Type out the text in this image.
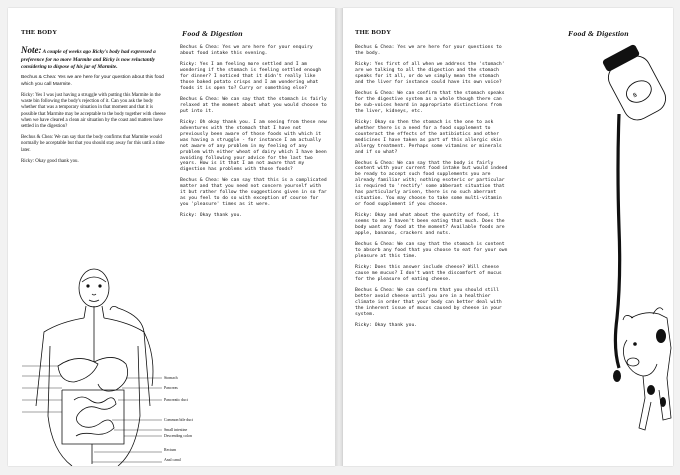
THE BODY	Food & Digestion

Note: A couple of weeks ago Ricky's body had expressed a preference for no more Marmite and Ricky is now reluctantly considering to dispose of his jar of Marmite.

Bechus & Chea: Yes we are here for your question about this food which you call Marmite.

Ricky: Yes I was just having a struggle with putting this Marmite in the waste bin following the body's rejection of it. Can you ask the body whether that was a temporary situation in that moment and that it is possible that Marmite may be acceptable to the body together with cheese when we have cleared a clean air situation by the coast and matters have settled in the digestion?

Bechus & Chea: We can say that the body confirms that Marmite would normally be acceptable but that you should stay away for this until a time later.

Ricky: Okay good thank you.

Bechus & Chea: Yes we are here for your enquiry about food intake this evening.

Ricky: Yes I am feeling more settled and I am wondering if the stomach is feeling settled enough for dinner? I noticed that it didn't really like those baked potato crisps and I am wondering what foods it is open to? Curry or something else?

Bechus & Chea: We can say that the stomach is fairly relaxed at the moment about what you would choose to put into it.

Ricky: Oh okay thank you. I am seeing from these new adventures with the stomach that I have not previously been aware of those foods with which it was having a struggle - for instance I am actually not aware of any problem in my feeling of any problem with either wheat of dairy which I have been avoiding following your advice for the last two years. How is it that I am not aware that my digestion has problems with those foods?

Bechus & Chea: We can say that this is a complicated matter and that you need not concern yourself with it but rather follow the suggestions given in so far as you feel to do so with exception of course for you 'pleasure' times as it were.

Ricky: Okay thank you.

Stomach
Pancreas
Pancreatic duct
Common bile duct
Small intestine
Descending colon
Rectum
Anal canal
THE BODY	Food & Digestion

Bechus & Chea: Yes we are here for your questions to the body.

Ricky: Yes first of all when we address the 'stomach' are we talking to all the digestion and the stomach speaks for it all, or do we simply mean the stomach and the liver for instance could have its own voice?

Bechus & Chea: We can confirm that the stomach speaks for the digestive system as a whole though there can be sub-voices heard in appropriate distinctions from the liver, kidneys, etc.

Ricky: Okay so then the stomach is the one to ask whether there is a need for a food supplement to counteract the effects of the antibiotics and other medicines I have taken as part of this allergic skin allergy treatment. Perhaps some vitamins or minerals and if so what?

Bechus & Chea: We can say that the body is fairly content with your current food intake but would indeed be ready to accept such food supplements you are already familiar with; nothing esoteric or particular is required to 'rectify' some abberant situation that has particularly arisen, there is no such aberrant situation. You may choose to take some multi-vitamin or food supplement if you choose.

Ricky: Okay and what about the quantity of food, it seems to me I haven't been eating that much. Does the body want any food at the moment? Available foods are apple, bananas, crackers and nuts.

Bechus & Chea: We can say that the stomach is content to absorb any food that you choose to eat for your own pleasure at this time.

Ricky: Does this answer include cheese? Will cheese cause me mucus? I don't want the discomfort of mucus for the pleasure of eating cheese.

Bechus & Chea: We can confirm that you should still better avoid cheese until you are in a healthier climate in order that your body can better deal with the inherent issue of mucus caused by cheese in your system.

Ricky: Okay thank you.

ꞩ
